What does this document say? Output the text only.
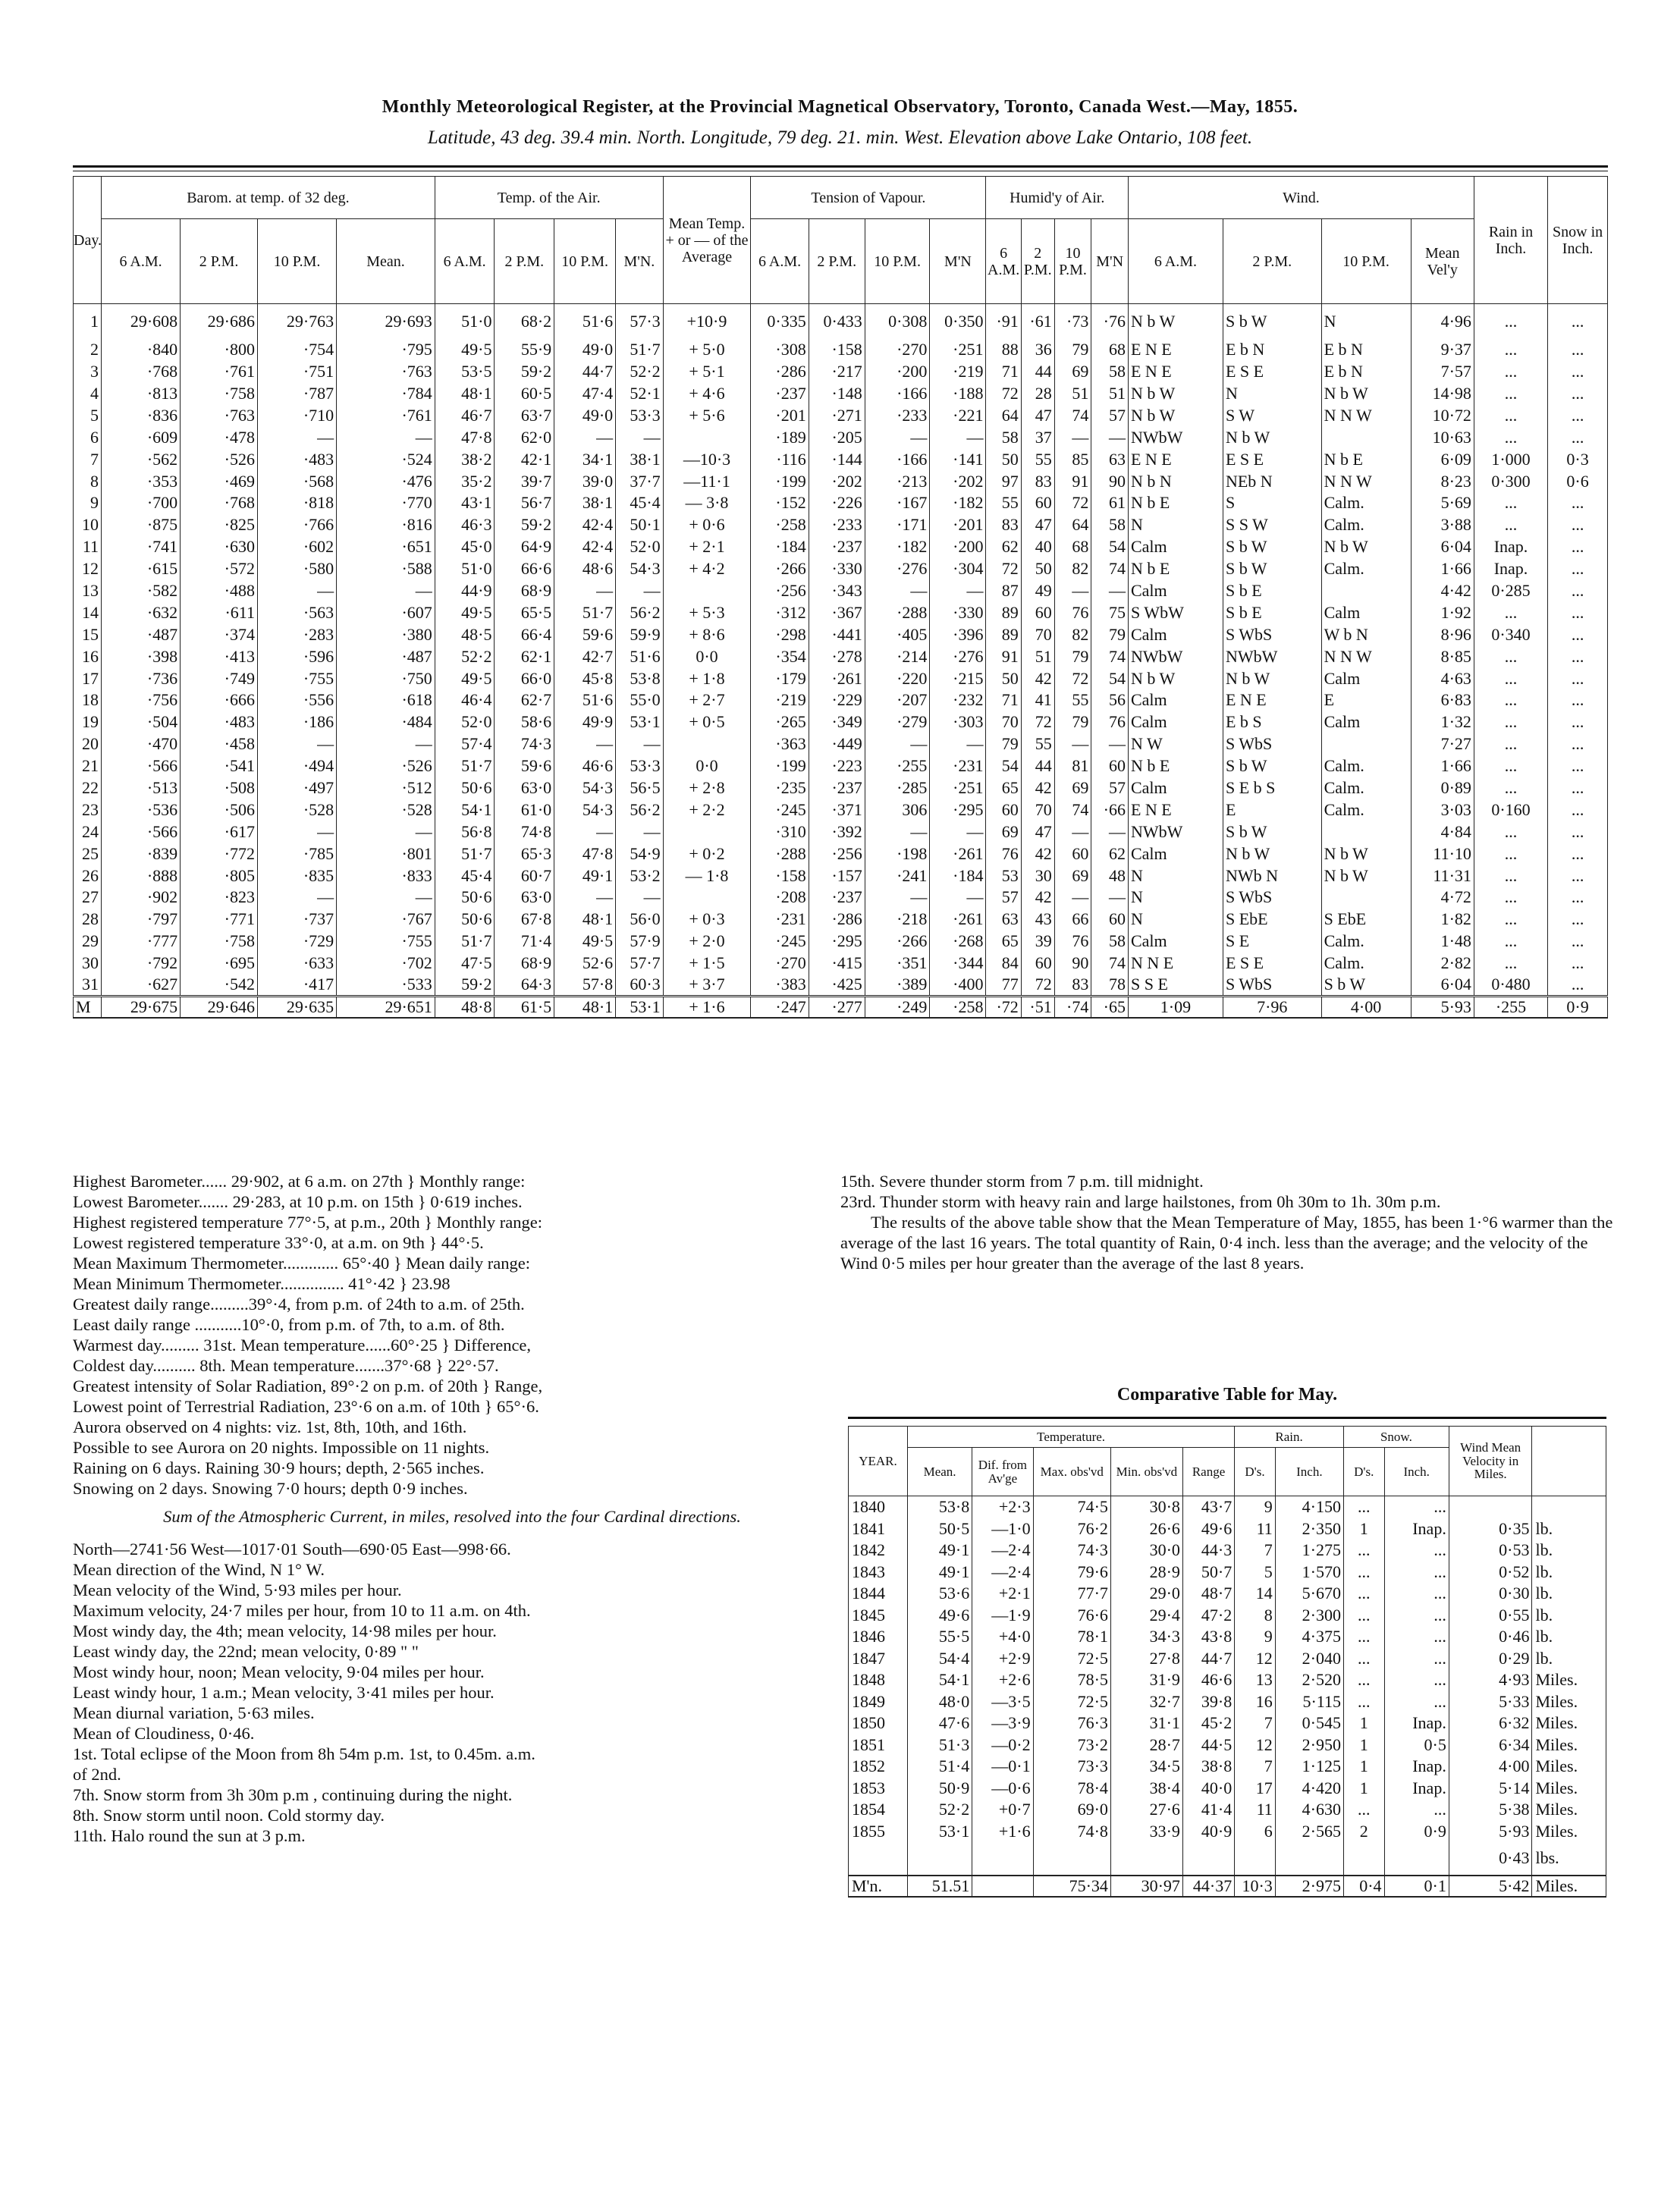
Monthly Meteorological Register, at the Provincial Magnetical Observatory, Toronto, Canada West.—May, 1855.
Latitude, 43 deg. 39.4 min. North. Longitude, 79 deg. 21. min. West. Elevation above Lake Ontario, 108 feet.
Day.	Barom. at temp. of 32 deg.				Temp. of the Air.				Mean Temp. + or — of the Average	Tension of Vapour.				Humid'y of Air.				Wind.				Rain in Inch.	Snow in Inch.
	6 A.M.	2 P.M.	10 P.M.	Mean.	6 A.M.	2 P.M.	10 P.M.	M'N.		6 A.M.	2 P.M.	10 P.M.	M'N	6 A.M.	2 P.M.	10 P.M.	M'N	6 A.M.	2 P.M.	10 P.M.	Mean Vel'y		
1	29·608	29·686	29·763	29·693	51·0	68·2	51·6	57·3	+10·9	0·335	0·433	0·308	0·350	·91	·61	·73	·76	N b W	S b W	N	4·96	...	...
2	·840	·800	·754	·795	49·5	55·9	49·0	51·7	+ 5·0	·308	·158	·270	·251	88	36	79	68	E N E	E b N	E b N	9·37	...	...
3	·768	·761	·751	·763	53·5	59·2	44·7	52·2	+ 5·1	·286	·217	·200	·219	71	44	69	58	E N E	E S E	E b N	7·57	...	...
4	·813	·758	·787	·784	48·1	60·5	47·4	52·1	+ 4·6	·237	·148	·166	·188	72	28	51	51	N b W	N	N b W	14·98	...	...
5	·836	·763	·710	·761	46·7	63·7	49·0	53·3	+ 5·6	·201	·271	·233	·221	64	47	74	57	N b W	S W	N N W	10·72	...	...
6	·609	·478	—	—	47·8	62·0	—	—		·189	·205	—	—	58	37	—	—	NWbW	N b W		10·63	...	...
7	·562	·526	·483	·524	38·2	42·1	34·1	38·1	—10·3	·116	·144	·166	·141	50	55	85	63	E N E	E S E	N b E	6·09	1·000	0·3
8	·353	·469	·568	·476	35·2	39·7	39·0	37·7	—11·1	·199	·202	·213	·202	97	83	91	90	N b N	NEb N	N N W	8·23	0·300	0·6
9	·700	·768	·818	·770	43·1	56·7	38·1	45·4	— 3·8	·152	·226	·167	·182	55	60	72	61	N b E	S	Calm.	5·69	...	...
10	·875	·825	·766	·816	46·3	59·2	42·4	50·1	+ 0·6	·258	·233	·171	·201	83	47	64	58	N	S S W	Calm.	3·88	...	...
11	·741	·630	·602	·651	45·0	64·9	42·4	52·0	+ 2·1	·184	·237	·182	·200	62	40	68	54	Calm	S b W	N b W	6·04	Inap.	...
12	·615	·572	·580	·588	51·0	66·6	48·6	54·3	+ 4·2	·266	·330	·276	·304	72	50	82	74	N b E	S b W	Calm.	1·66	Inap.	...
13	·582	·488	—	—	44·9	68·9	—	—		·256	·343	—	—	87	49	—	—	Calm	S b E		4·42	0·285	...
14	·632	·611	·563	·607	49·5	65·5	51·7	56·2	+ 5·3	·312	·367	·288	·330	89	60	76	75	S WbW	S b E	Calm	1·92	...	...
15	·487	·374	·283	·380	48·5	66·4	59·6	59·9	+ 8·6	·298	·441	·405	·396	89	70	82	79	Calm	S WbS	W b N	8·96	0·340	...
16	·398	·413	·596	·487	52·2	62·1	42·7	51·6	0·0	·354	·278	·214	·276	91	51	79	74	NWbW	NWbW	N N W	8·85	...	...
17	·736	·749	·755	·750	49·5	66·0	45·8	53·8	+ 1·8	·179	·261	·220	·215	50	42	72	54	N b W	N b W	Calm	4·63	...	...
18	·756	·666	·556	·618	46·4	62·7	51·6	55·0	+ 2·7	·219	·229	·207	·232	71	41	55	56	Calm	E N E	E	6·83	...	...
19	·504	·483	·186	·484	52·0	58·6	49·9	53·1	+ 0·5	·265	·349	·279	·303	70	72	79	76	Calm	E b S	Calm	1·32	...	...
20	·470	·458	—	—	57·4	74·3	—	—		·363	·449	—	—	79	55	—	—	N W	S WbS		7·27	...	...
21	·566	·541	·494	·526	51·7	59·6	46·6	53·3	0·0	·199	·223	·255	·231	54	44	81	60	N b E	S b W	Calm.	1·66	...	...
22	·513	·508	·497	·512	50·6	63·0	54·3	56·5	+ 2·8	·235	·237	·285	·251	65	42	69	57	Calm	S E b S	Calm.	0·89	...	...
23	·536	·506	·528	·528	54·1	61·0	54·3	56·2	+ 2·2	·245	·371	306	·295	60	70	74	·66	E N E	E	Calm.	3·03	0·160	...
24	·566	·617	—	—	56·8	74·8	—	—		·310	·392	—	—	69	47	—	—	NWbW	S b W		4·84	...	...
25	·839	·772	·785	·801	51·7	65·3	47·8	54·9	+ 0·2	·288	·256	·198	·261	76	42	60	62	Calm	N b W	N b W	11·10	...	...
26	·888	·805	·835	·833	45·4	60·7	49·1	53·2	— 1·8	·158	·157	·241	·184	53	30	69	48	N	NWb N	N b W	11·31	...	...
27	·902	·823	—	—	50·6	63·0	—	—		·208	·237	—	—	57	42	—	—	N	S WbS		4·72	...	...
28	·797	·771	·737	·767	50·6	67·8	48·1	56·0	+ 0·3	·231	·286	·218	·261	63	43	66	60	N	S EbE	S EbE	1·82	...	...
29	·777	·758	·729	·755	51·7	71·4	49·5	57·9	+ 2·0	·245	·295	·266	·268	65	39	76	58	Calm	S E	Calm.	1·48	...	...
30	·792	·695	·633	·702	47·5	68·9	52·6	57·7	+ 1·5	·270	·415	·351	·344	84	60	90	74	N N E	E S E	Calm.	2·82	...	...
31	·627	·542	·417	·533	59·2	64·3	57·8	60·3	+ 3·7	·383	·425	·389	·400	77	72	83	78	S S E	S WbS	S b W	6·04	0·480	...
M	29·675	29·646	29·635	29·651	48·8	61·5	48·1	53·1	+ 1·6	·247	·277	·249	·258	·72	·51	·74	·65	1·09	7·96	4·00	5·93	·255	0·9

Highest Barometer...... 29·902, at 6 a.m. on 27th } Monthly range:

Lowest Barometer....... 29·283, at 10 p.m. on 15th } 0·619 inches.

Highest registered temperature 77°·5, at p.m., 20th } Monthly range:

Lowest registered temperature 33°·0, at a.m. on 9th } 44°·5.

Mean Maximum Thermometer............. 65°·40 } Mean daily range:

Mean Minimum Thermometer............... 41°·42 } 23.98

Greatest daily range.........39°·4, from p.m. of 24th to a.m. of 25th.

Least daily range ...........10°·0, from p.m. of 7th, to a.m. of 8th.

Warmest day......... 31st. Mean temperature......60°·25 } Difference,

Coldest day.......... 8th. Mean temperature.......37°·68 } 22°·57.

Greatest intensity of Solar Radiation, 89°·2 on p.m. of 20th } Range,

Lowest point of Terrestrial Radiation, 23°·6 on a.m. of 10th } 65°·6.

Aurora observed on 4 nights: viz. 1st, 8th, 10th, and 16th.

Possible to see Aurora on 20 nights. Impossible on 11 nights.

Raining on 6 days. Raining 30·9 hours; depth, 2·565 inches.

Snowing on 2 days. Snowing 7·0 hours; depth 0·9 inches.

Sum of the Atmospheric Current, in miles, resolved into the four Cardinal directions.

North—2741·56 West—1017·01 South—690·05 East—998·66.

Mean direction of the Wind, N 1° W.

Mean velocity of the Wind, 5·93 miles per hour.

Maximum velocity, 24·7 miles per hour, from 10 to 11 a.m. on 4th.

Most windy day, the 4th; mean velocity, 14·98 miles per hour.

Least windy day, the 22nd; mean velocity, 0·89 " "

Most windy hour, noon; Mean velocity, 9·04 miles per hour.

Least windy hour, 1 a.m.; Mean velocity, 3·41 miles per hour.

Mean diurnal variation, 5·63 miles.

Mean of Cloudiness, 0·46.

1st. Total eclipse of the Moon from 8h 54m p.m. 1st, to 0.45m. a.m.

of 2nd.

7th. Snow storm from 3h 30m p.m , continuing during the night.

8th. Snow storm until noon. Cold stormy day.

11th. Halo round the sun at 3 p.m.

15th. Severe thunder storm from 7 p.m. till midnight.

23rd. Thunder storm with heavy rain and large hailstones, from 0h 30m to 1h. 30m p.m.

The results of the above table show that the Mean Temperature of May, 1855, has been 1·°6 warmer than the average of the last 16 years. The total quantity of Rain, 0·4 inch. less than the average; and the velocity of the Wind 0·5 miles per hour greater than the average of the last 8 years.

Comparative Table for May.
YEAR.	Temperature.					Rain.		Snow.		Wind Mean Velocity in Miles.	
	Mean.	Dif. from Av'ge	Max. obs'vd	Min. obs'vd	Range	D's.	Inch.	D's.	Inch.		
1840	53·8	+2·3	74·5	30·8	43·7	9	4·150	...	...		
1841	50·5	—1·0	76·2	26·6	49·6	11	2·350	1	Inap.	0·35	lb.
1842	49·1	—2·4	74·3	30·0	44·3	7	1·275	...	...	0·53	lb.
1843	49·1	—2·4	79·6	28·9	50·7	5	1·570	...	...	0·52	lb.
1844	53·6	+2·1	77·7	29·0	48·7	14	5·670	...	...	0·30	lb.
1845	49·6	—1·9	76·6	29·4	47·2	8	2·300	...	...	0·55	lb.
1846	55·5	+4·0	78·1	34·3	43·8	9	4·375	...	...	0·46	lb.
1847	54·4	+2·9	72·5	27·8	44·7	12	2·040	...	...	0·29	lb.
1848	54·1	+2·6	78·5	31·9	46·6	13	2·520	...	...	4·93	Miles.
1849	48·0	—3·5	72·5	32·7	39·8	16	5·115	...	...	5·33	Miles.
1850	47·6	—3·9	76·3	31·1	45·2	7	0·545	1	Inap.	6·32	Miles.
1851	51·3	—0·2	73·2	28·7	44·5	12	2·950	1	0·5	6·34	Miles.
1852	51·4	—0·1	73·3	34·5	38·8	7	1·125	1	Inap.	4·00	Miles.
1853	50·9	—0·6	78·4	38·4	40·0	17	4·420	1	Inap.	5·14	Miles.
1854	52·2	+0·7	69·0	27·6	41·4	11	4·630	...	...	5·38	Miles.
1855	53·1	+1·6	74·8	33·9	40·9	6	2·565	2	0·9	5·93	Miles.
										0·43	lbs.
M'n.	51.51		75·34	30·97	44·37	10·3	2·975	0·4	0·1	5·42	Miles.
